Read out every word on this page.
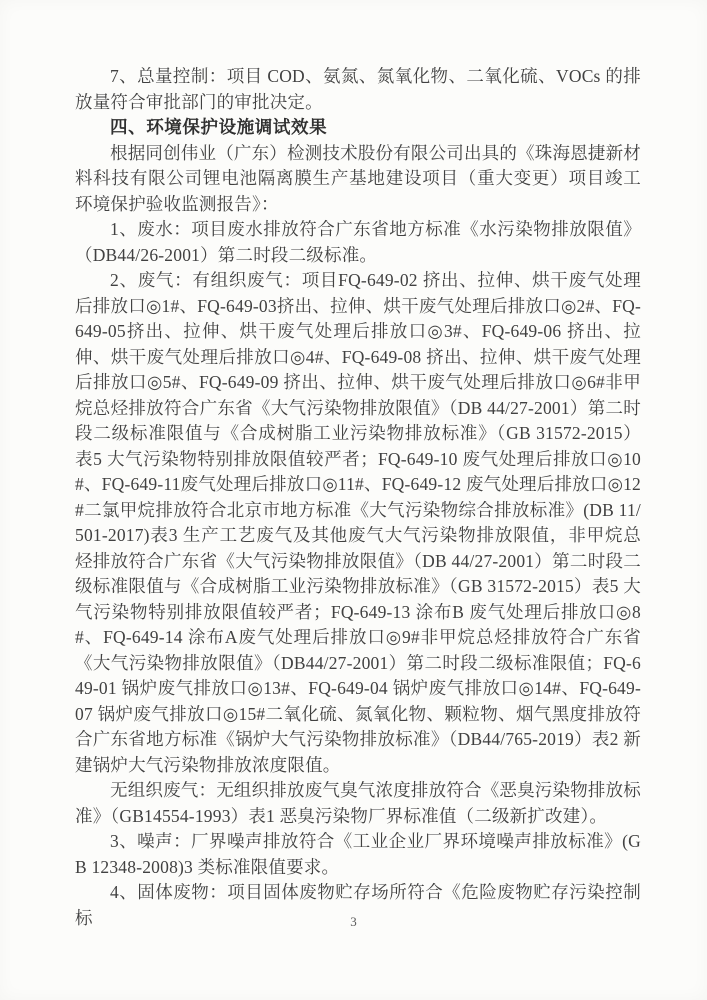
7、总量控制：项目 COD、氨氮、氮氧化物、二氧化硫、VOCs 的排放量符合审批部门的审批决定。

四、环境保护设施调试效果

根据同创伟业（广东）检测技术股份有限公司出具的《珠海恩捷新材料科技有限公司锂电池隔离膜生产基地建设项目（重大变更）项目竣工环境保护验收监测报告》：

1、废水：项目废水排放符合广东省地方标准《水污染物排放限值》（DB44/26-2001）第二时段二级标准。

2、废气：有组织废气：项目FQ-649-02 挤出、拉伸、烘干废气处理后排放口◎1#、FQ-649-03挤出、拉伸、烘干废气处理后排放口◎2#、FQ-649-05挤出、拉伸、烘干废气处理后排放口◎3#、FQ-649-06 挤出、拉伸、烘干废气处理后排放口◎4#、FQ-649-08 挤出、拉伸、烘干废气处理后排放口◎5#、FQ-649-09 挤出、拉伸、烘干废气处理后排放口◎6#非甲烷总烃排放符合广东省《大气污染物排放限值》（DB 44/27-2001）第二时段二级标准限值与《合成树脂工业污染物排放标准》（GB 31572-2015）表5 大气污染物特别排放限值较严者；FQ-649-10 废气处理后排放口◎10#、FQ-649-11废气处理后排放口◎11#、FQ-649-12 废气处理后排放口◎12#二氯甲烷排放符合北京市地方标准《大气污染物综合排放标准》(DB 11/501-2017)表3 生产工艺废气及其他废气大气污染物排放限值，非甲烷总烃排放符合广东省《大气污染物排放限值》（DB 44/27-2001）第二时段二级标准限值与《合成树脂工业污染物排放标准》（GB 31572-2015）表5 大气污染物特别排放限值较严者；FQ-649-13 涂布B 废气处理后排放口◎8#、FQ-649-14 涂布A废气处理后排放口◎9#非甲烷总烃排放符合广东省《大气污染物排放限值》（DB44/27-2001）第二时段二级标准限值；FQ-649-01 锅炉废气排放口◎13#、FQ-649-04 锅炉废气排放口◎14#、FQ-649-07 锅炉废气排放口◎15#二氧化硫、氮氧化物、颗粒物、烟气黑度排放符合广东省地方标准《锅炉大气污染物排放标准》（DB44/765-2019）表2 新建锅炉大气污染物排放浓度限值。

无组织废气：无组织排放废气臭气浓度排放符合《恶臭污染物排放标准》（GB14554-1993）表1 恶臭污染物厂界标准值（二级新扩改建）。

3、噪声：厂界噪声排放符合《工业企业厂界环境噪声排放标准》(GB 12348-2008)3 类标准限值要求。

4、固体废物：项目固体废物贮存场所符合《危险废物贮存污染控制标	3
